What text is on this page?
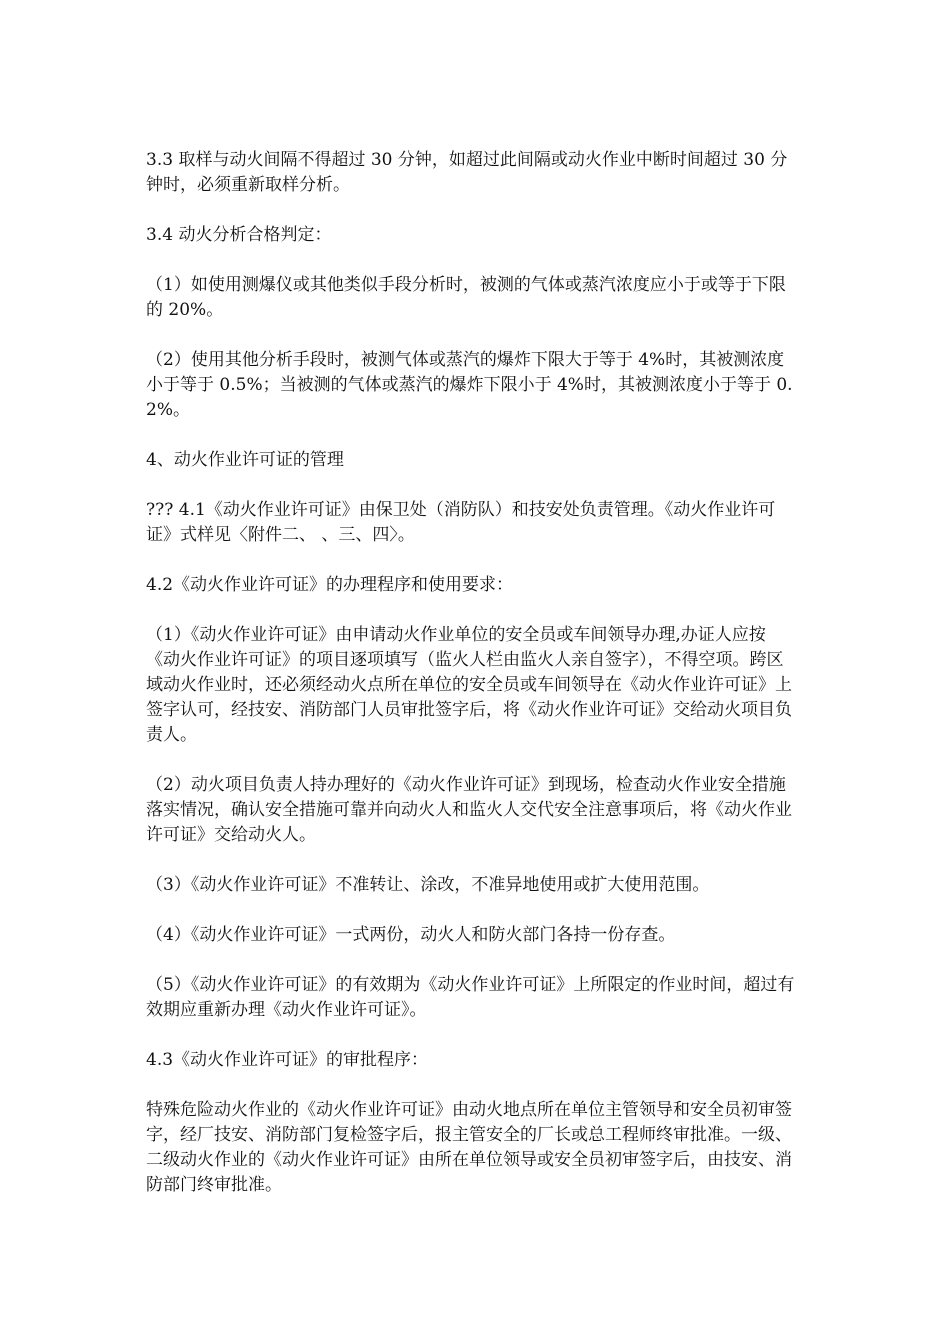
3.3 取样与动火间隔不得超过 30 分钟，如超过此间隔或动火作业中断时间超过 30 分钟时，必须重新取样分析。

3.4 动火分析合格判定：

（1）如使用测爆仪或其他类似手段分析时，被测的气体或蒸汽浓度应小于或等于下限的 20%。

（2）使用其他分析手段时，被测气体或蒸汽的爆炸下限大于等于 4%时，其被测浓度小于等于 0.5%；当被测的气体或蒸汽的爆炸下限小于 4%时，其被测浓度小于等于 0.2%。

4、动火作业许可证的管理

??? 4.1《动火作业许可证》由保卫处（消防队）和技安处负责管理。《动火作业许可证》式样见〈附件二、 、三、四〉。

4.2《动火作业许可证》的办理程序和使用要求：

（1）《动火作业许可证》由申请动火作业单位的安全员或车间领导办理,办证人应按《动火作业许可证》的项目逐项填写（监火人栏由监火人亲自签字），不得空项。跨区域动火作业时，还必须经动火点所在单位的安全员或车间领导在《动火作业许可证》上签字认可，经技安、消防部门人员审批签字后，将《动火作业许可证》交给动火项目负责人。

（2）动火项目负责人持办理好的《动火作业许可证》到现场，检查动火作业安全措施落实情况，确认安全措施可靠并向动火人和监火人交代安全注意事项后，将《动火作业许可证》交给动火人。

（3）《动火作业许可证》不准转让、涂改，不准异地使用或扩大使用范围。

（4）《动火作业许可证》一式两份，动火人和防火部门各持一份存查。

（5）《动火作业许可证》的有效期为《动火作业许可证》上所限定的作业时间，超过有效期应重新办理《动火作业许可证》。

4.3《动火作业许可证》的审批程序：

特殊危险动火作业的《动火作业许可证》由动火地点所在单位主管领导和安全员初审签字，经厂技安、消防部门复检签字后，报主管安全的厂长或总工程师终审批准。一级、二级动火作业的《动火作业许可证》由所在单位领导或安全员初审签字后，由技安、消防部门终审批准。
